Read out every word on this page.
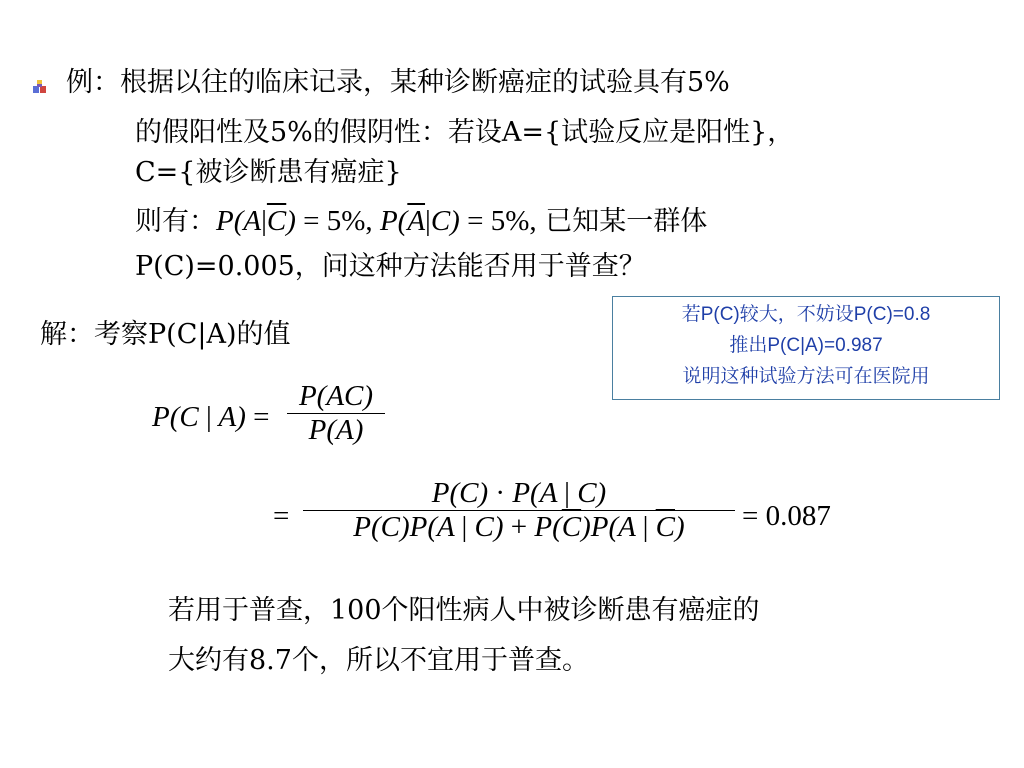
例：根据以往的临床记录，某种诊断癌症的试验具有5%
的假阳性及5%的假阴性：若设A={试验反应是阳性}，
C={被诊断患有癌症}
则有：$P(A|\overline{C}) = 5\%$, $P(\overline{A}|C) = 5\%$, 已知某一群体
P(C)=0.005，问这种方法能否用于普查？
若P(C)较大，不妨设P(C)=0.8
推出P(C|A)=0.987
说明这种试验方法可在医院用
解：考察P(C|A)的值
P(C | A) =
P(AC)
P(A)
=
P(C) · P(A | C)
P(C)P(A | $C) + P(\overline{C})P(A$ | $\overline{C}$)	= 0.087
若用于普查，100个阳性病人中被诊断患有癌症的
大约有8.7个，所以不宜用于普查。
